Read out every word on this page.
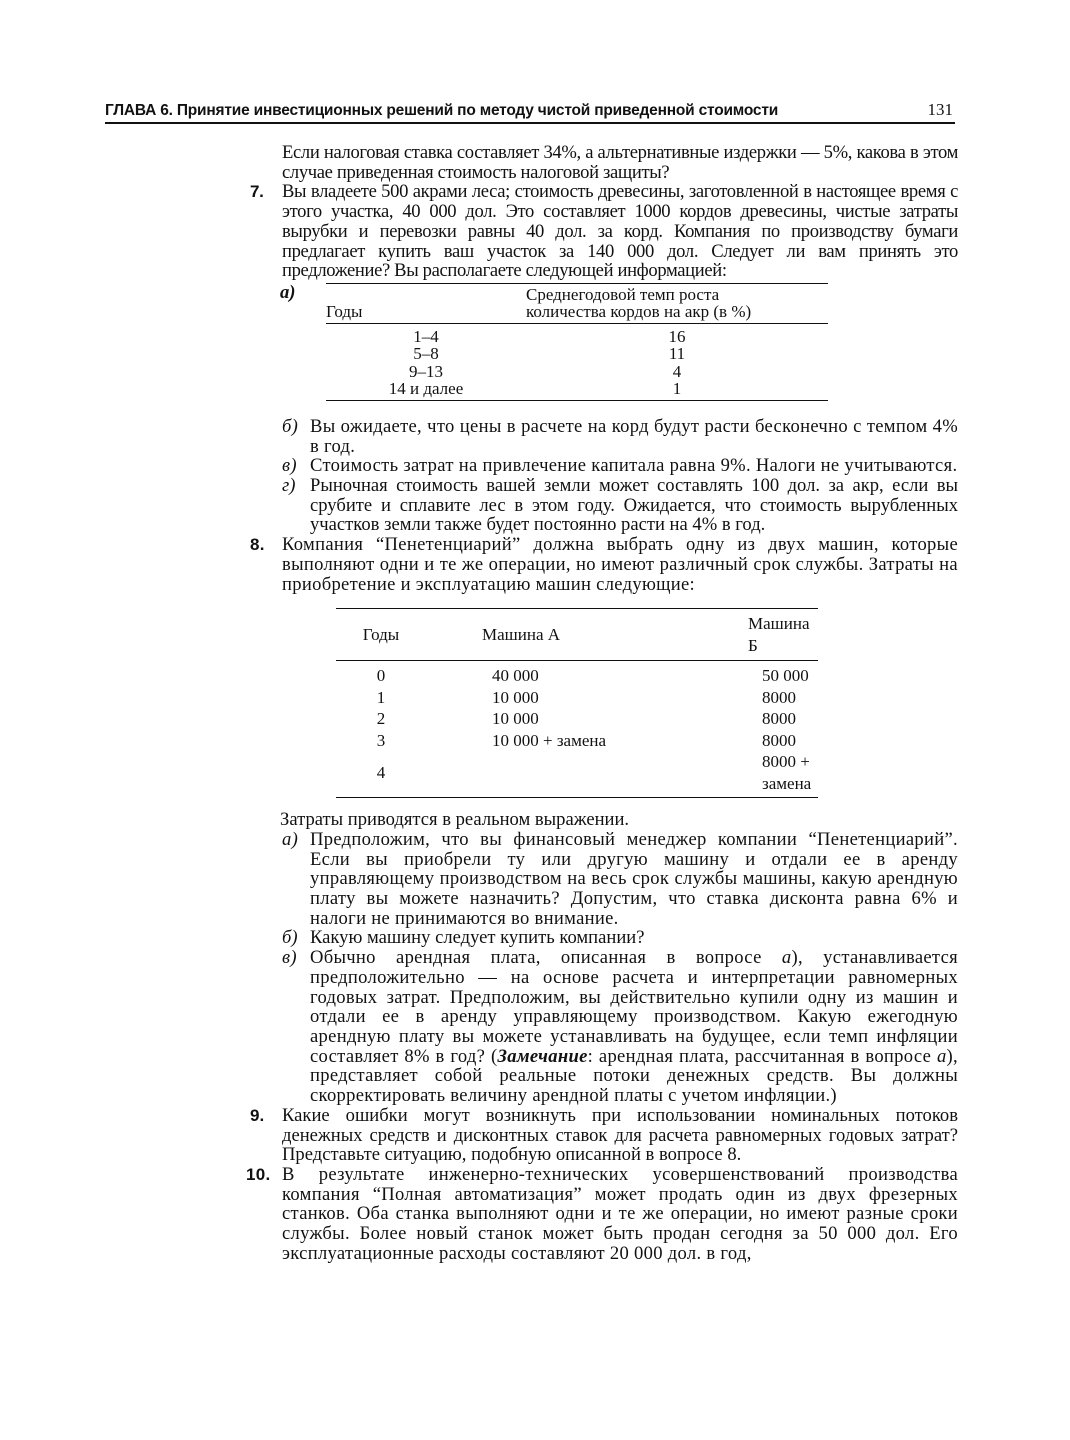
ГЛАВА 6. Принятие инвестиционных решений по методу чистой приведенной стоимости	131

Если налоговая ставка составляет 34%, а альтернативные издержки — 5%, какова в этом случае приведенная стоимость налоговой защиты?

7. Вы владеете 500 акрами леса; стоимость древесины, заготовленной в настоящее время с этого участка, 40 000 дол. Это составляет 1000 кордов древесины, чистые затраты вырубки и перевозки равны 40 дол. за корд. Компания по производству бумаги предлагает купить ваш участок за 140 000 дол. Следует ли вам принять это предложение? Вы располагаете следующей информацией:
а)
Годы	Среднегодовой темп роста
количества кордов на акр (в %)

1–4	16
5–8	11
9–13	4
14 и далее	1
б) Вы ожидаете, что цены в расчете на корд будут расти бесконечно с темпом 4% в год.
в) Стоимость затрат на привлечение капитала равна 9%. Налоги не учитываются.
г) Рыночная стоимость вашей земли может составлять 100 дол. за акр, если вы срубите и сплавите лес в этом году. Ожидается, что стоимость вырубленных участков земли также будет постоянно расти на 4% в год.
8. Компания “Пенетенциарий” должна выбрать одну из двух машин, которые выполняют одни и те же операции, но имеют различный срок службы. Затраты на приобретение и эксплуатацию машин следующие:
Годы	Машина А	Машина Б
0	40 000	50 000
1	10 000	8000
2	10 000	8000
3	10 000 + замена	8000
4		8000 + замена

Затраты приводятся в реальном выражении.

а) Предположим, что вы финансовый менеджер компании “Пенетенциарий”. Если вы приобрели ту или другую машину и отдали ее в аренду управляющему производством на весь срок службы машины, какую арендную плату вы можете назначить? Допустим, что ставка дисконта равна 6% и налоги не принимаются во внимание.
б) Какую машину следует купить компании?
в) Обычно арендная плата, описанная в вопросе а), устанавливается предположительно — на основе расчета и интерпретации равномерных годовых затрат. Предположим, вы действительно купили одну из машин и отдали ее в аренду управляющему производством. Какую ежегодную арендную плату вы можете устанавливать на будущее, если темп инфляции составляет 8% в год? (Замечание: арендная плата, рассчитанная в вопросе а), представляет собой реальные потоки денежных средств. Вы должны скорректировать величину арендной платы с учетом инфляции.)
9. Какие ошибки могут возникнуть при использовании номинальных потоков денежных средств и дисконтных ставок для расчета равномерных годовых затрат? Представьте ситуацию, подобную описанной в вопросе 8.
10. В результате инженерно-технических усовершенствований производства компания “Полная автоматизация” может продать один из двух фрезерных станков. Оба станка выполняют одни и те же операции, но имеют разные сроки службы. Более новый станок может быть продан сегодня за 50 000 дол. Его эксплуатационные расходы составляют 20 000 дол. в год,
